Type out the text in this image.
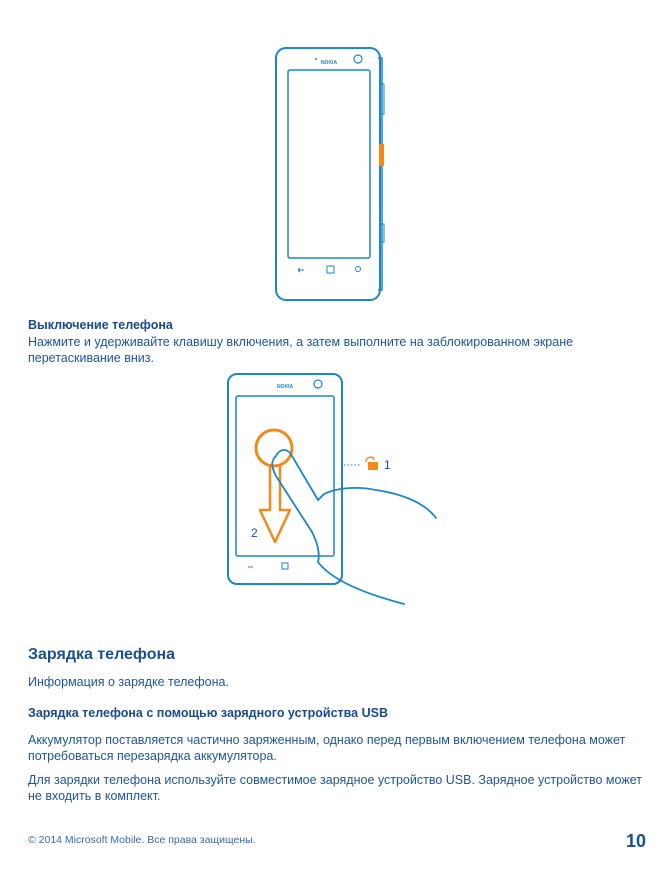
NOKIA
Выключение телефона

Нажмите и удерживайте клавишу включения, а затем выполните на заблокированном экране перетаскивание вниз.

NOKIA
2
1
Зарядка телефона

Информация о зарядке телефона.

Зарядка телефона с помощью зарядного устройства USB

Аккумулятор поставляется частично заряженным, однако перед первым включением телефона может потребоваться перезарядка аккумулятора.

Для зарядки телефона используйте совместимое зарядное устройство USB. Зарядное устройство может не входить в комплект.

© 2014 Microsoft Mobile. Все права защищены.	10
